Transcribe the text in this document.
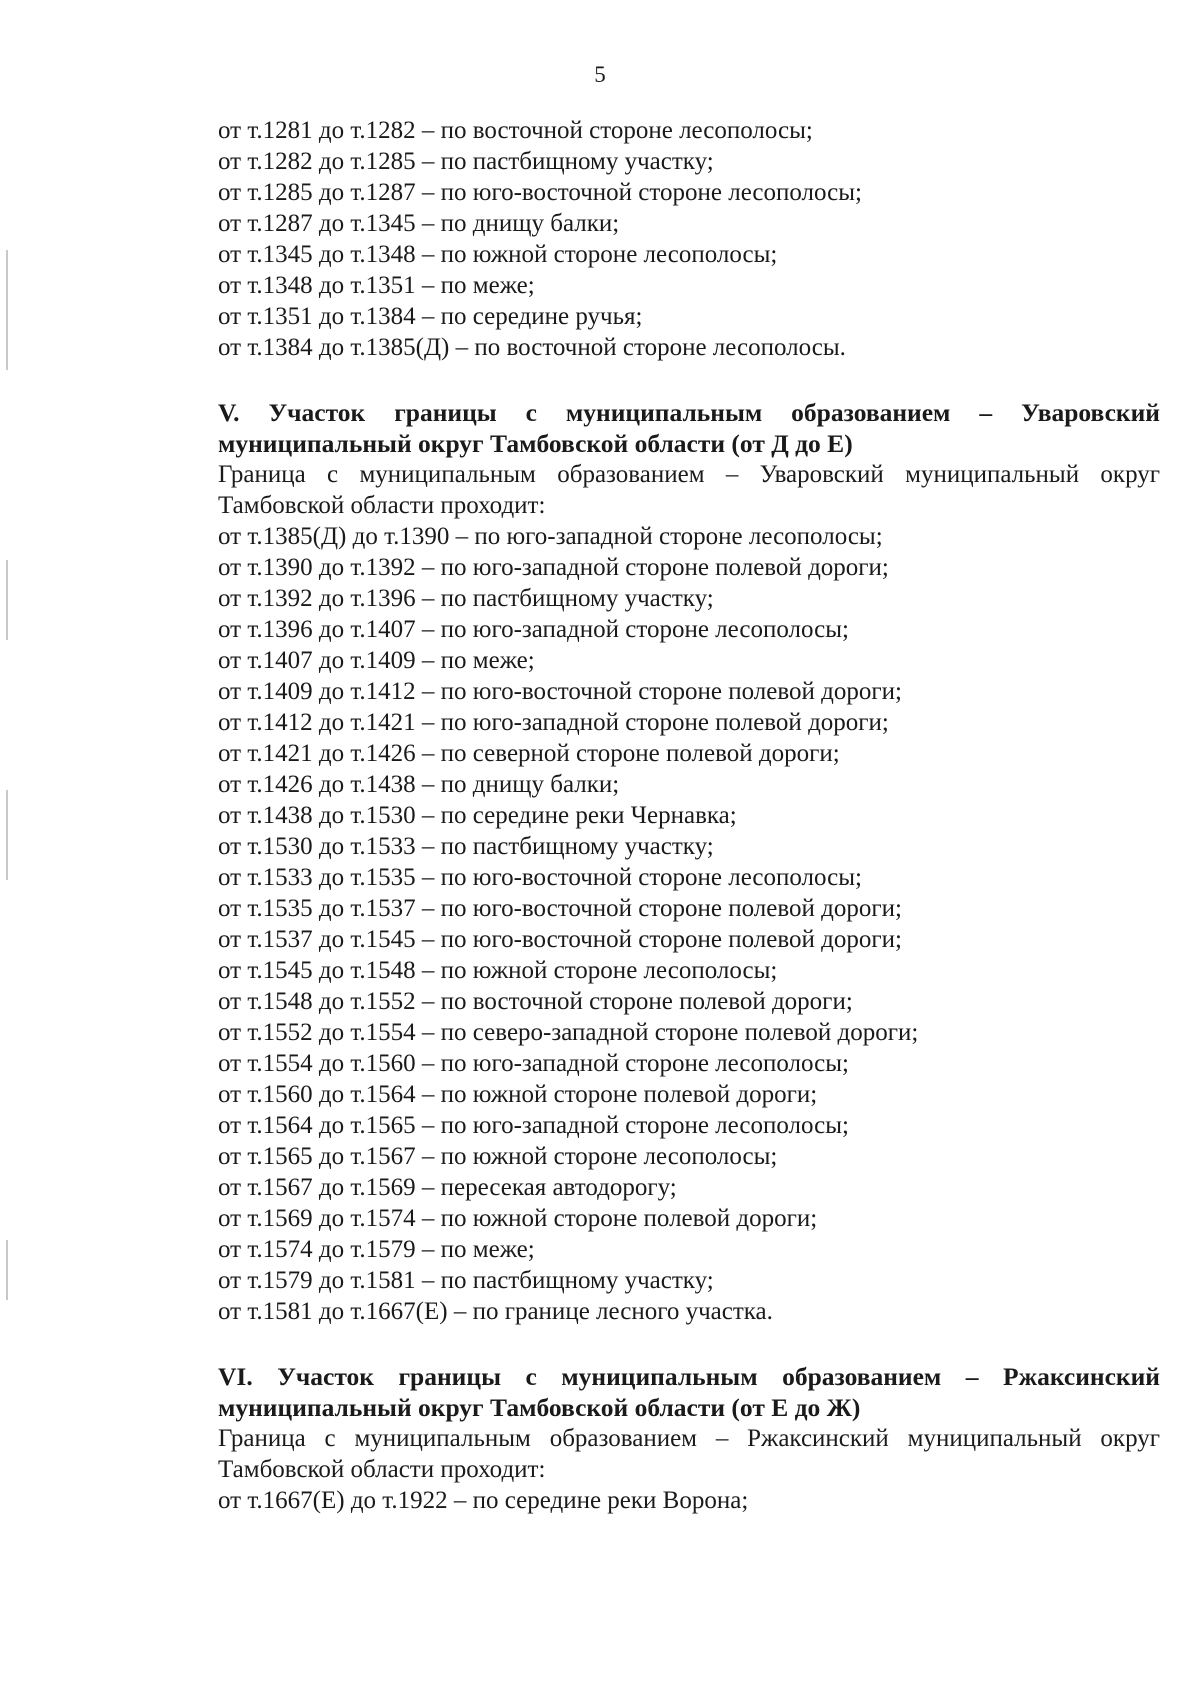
5
от т.1281 до т.1282 – по восточной стороне лесополосы;
от т.1282 до т.1285 – по пастбищному участку;
от т.1285 до т.1287 – по юго-восточной стороне лесополосы;
от т.1287 до т.1345 – по днищу балки;
от т.1345 до т.1348 – по южной стороне лесополосы;
от т.1348 до т.1351 – по меже;
от т.1351 до т.1384 – по середине ручья;
от т.1384 до т.1385(Д) – по восточной стороне лесополосы.
V. Участок границы с муниципальным образованием – Уваровский
муниципальный округ Тамбовской области (от Д до Е)
Граница с муниципальным образованием – Уваровский муниципальный округ
Тамбовской области проходит:
от т.1385(Д) до т.1390 – по юго-западной стороне лесополосы;
от т.1390 до т.1392 – по юго-западной стороне полевой дороги;
от т.1392 до т.1396 – по пастбищному участку;
от т.1396 до т.1407 – по юго-западной стороне лесополосы;
от т.1407 до т.1409 – по меже;
от т.1409 до т.1412 – по юго-восточной стороне полевой дороги;
от т.1412 до т.1421 – по юго-западной стороне полевой дороги;
от т.1421 до т.1426 – по северной стороне полевой дороги;
от т.1426 до т.1438 – по днищу балки;
от т.1438 до т.1530 – по середине реки Чернавка;
от т.1530 до т.1533 – по пастбищному участку;
от т.1533 до т.1535 – по юго-восточной стороне лесополосы;
от т.1535 до т.1537 – по юго-восточной стороне полевой дороги;
от т.1537 до т.1545 – по юго-восточной стороне полевой дороги;
от т.1545 до т.1548 – по южной стороне лесополосы;
от т.1548 до т.1552 – по восточной стороне полевой дороги;
от т.1552 до т.1554 – по северо-западной стороне полевой дороги;
от т.1554 до т.1560 – по юго-западной стороне лесополосы;
от т.1560 до т.1564 – по южной стороне полевой дороги;
от т.1564 до т.1565 – по юго-западной стороне лесополосы;
от т.1565 до т.1567 – по южной стороне лесополосы;
от т.1567 до т.1569 – пересекая автодорогу;
от т.1569 до т.1574 – по южной стороне полевой дороги;
от т.1574 до т.1579 – по меже;
от т.1579 до т.1581 – по пастбищному участку;
от т.1581 до т.1667(Е) – по границе лесного участка.
VI. Участок границы с муниципальным образованием – Ржаксинский
муниципальный округ Тамбовской области (от Е до Ж)
Граница с муниципальным образованием – Ржаксинский муниципальный округ
Тамбовской области проходит:
от т.1667(Е) до т.1922 – по середине реки Ворона;
